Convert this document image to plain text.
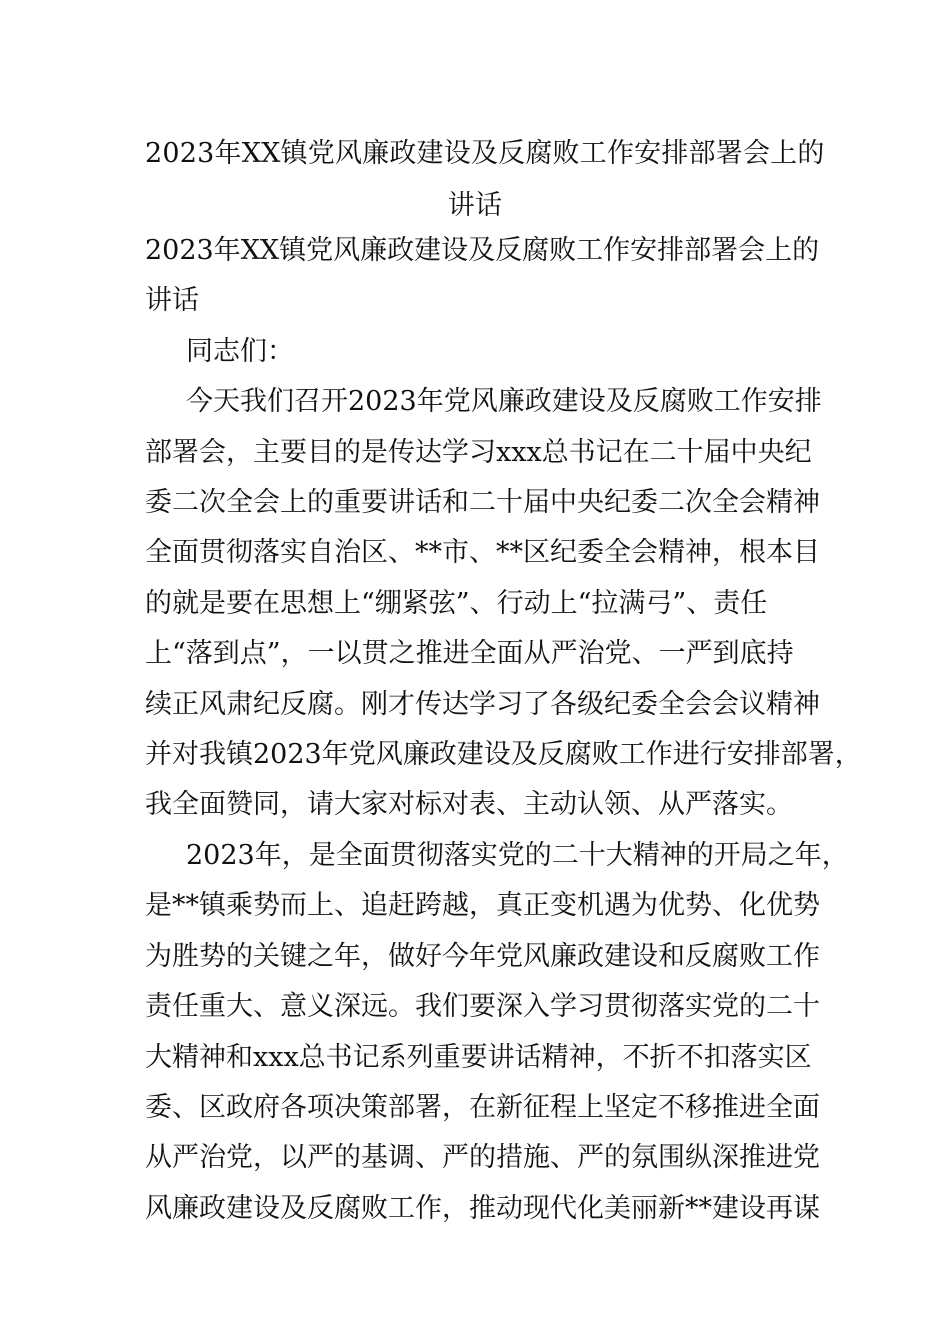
2023年XX镇党风廉政建设及反腐败工作安排部署会上的
讲话
2023年XX镇党风廉政建设及反腐败工作安排部署会上的
讲话
同志们：
今天我们召开2023年党风廉政建设及反腐败工作安排
部署会，主要目的是传达学习xxx总书记在二十届中央纪
委二次全会上的重要讲话和二十届中央纪委二次全会精神
全面贯彻落实自治区、**市、**区纪委全会精神，根本目
的就是要在思想上“绷紧弦”、行动上“拉满弓”、责任
上“落到点”，一以贯之推进全面从严治党、一严到底持
续正风肃纪反腐。刚才传达学习了各级纪委全会会议精神
并对我镇2023年党风廉政建设及反腐败工作进行安排部署，
我全面赞同，请大家对标对表、主动认领、从严落实。
2023年，是全面贯彻落实党的二十大精神的开局之年，
是**镇乘势而上、追赶跨越，真正变机遇为优势、化优势
为胜势的关键之年，做好今年党风廉政建设和反腐败工作
责任重大、意义深远。我们要深入学习贯彻落实党的二十
大精神和xxx总书记系列重要讲话精神，不折不扣落实区
委、区政府各项决策部署，在新征程上坚定不移推进全面
从严治党，以严的基调、严的措施、严的氛围纵深推进党
风廉政建设及反腐败工作，推动现代化美丽新**建设再谋
